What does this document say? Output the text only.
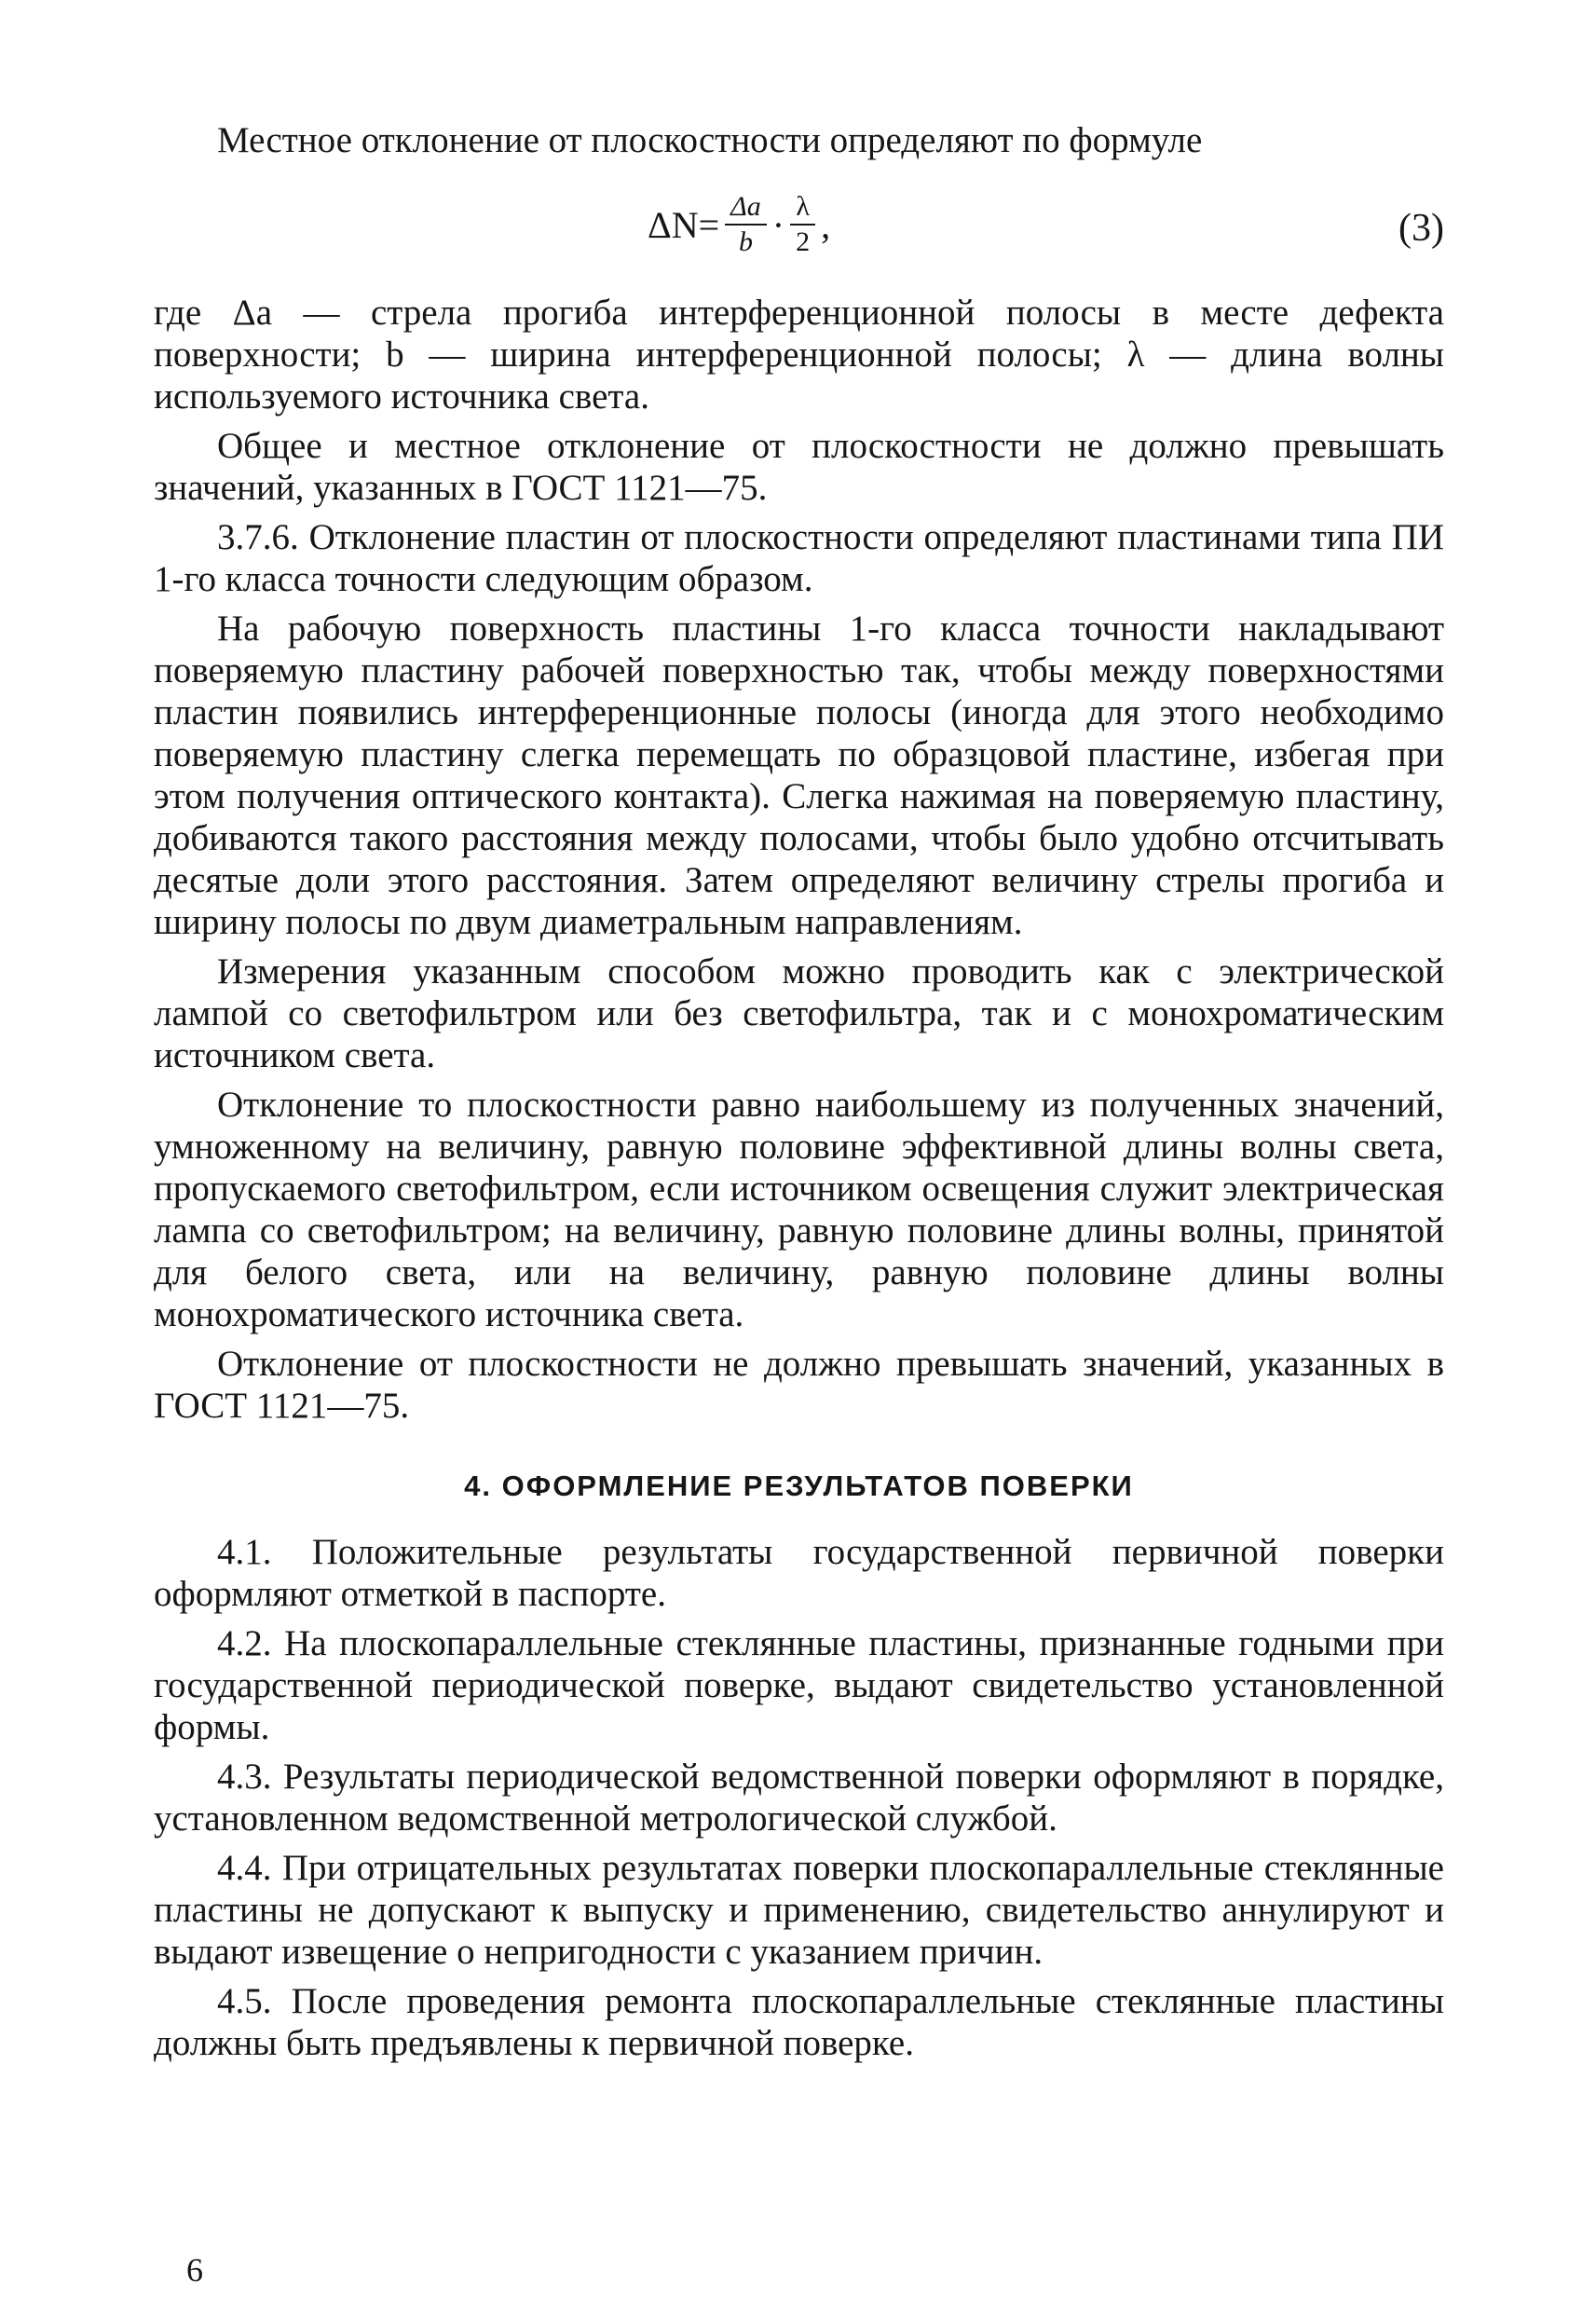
Местное отклонение от плоскостности определяют по формуле

$\Delta N= \frac{\Delta a}{b} \cdot \frac{\lambda}{2}$ ,	(3)

где Δa — стрела прогиба интерференционной полосы в месте дефекта поверхности; b — ширина интерференционной полосы; λ — длина волны используемого источника света.

Общее и местное отклонение от плоскостности не должно превышать значений, указанных в ГОСТ 1121—75.

3.7.6. Отклонение пластин от плоскостности определяют пластинами типа ПИ 1-го класса точности следующим образом.

На рабочую поверхность пластины 1-го класса точности накладывают поверяемую пластину рабочей поверхностью так, чтобы между поверхностями пластин появились интерференционные полосы (иногда для этого необходимо поверяемую пластину слегка перемещать по образцовой пластине, избегая при этом получения оптического контакта). Слегка нажимая на поверяемую пластину, добиваются такого расстояния между полосами, чтобы было удобно отсчитывать десятые доли этого расстояния. Затем определяют величину стрелы прогиба и ширину полосы по двум диаметральным направлениям.

Измерения указанным способом можно проводить как с электрической лампой со светофильтром или без светофильтра, так и с монохроматическим источником света.

Отклонение то плоскостности равно наибольшему из полученных значений, умноженному на величину, равную половине эффективной длины волны света, пропускаемого светофильтром, если источником освещения служит электрическая лампа со светофильтром; на величину, равную половине длины волны, принятой для белого света, или на величину, равную половине длины волны монохроматического источника света.

Отклонение от плоскостности не должно превышать значений, указанных в ГОСТ 1121—75.

4. ОФОРМЛЕНИЕ РЕЗУЛЬТАТОВ ПОВЕРКИ

4.1. Положительные результаты государственной первичной поверки оформляют отметкой в паспорте.

4.2. На плоскопараллельные стеклянные пластины, признанные годными при государственной периодической поверке, выдают свидетельство установленной формы.

4.3. Результаты периодической ведомственной поверки оформляют в порядке, установленном ведомственной метрологической службой.

4.4. При отрицательных результатах поверки плоскопараллельные стеклянные пластины не допускают к выпуску и применению, свидетельство аннулируют и выдают извещение о непригодности с указанием причин.

4.5. После проведения ремонта плоскопараллельные стеклянные пластины должны быть предъявлены к первичной поверке.

6
